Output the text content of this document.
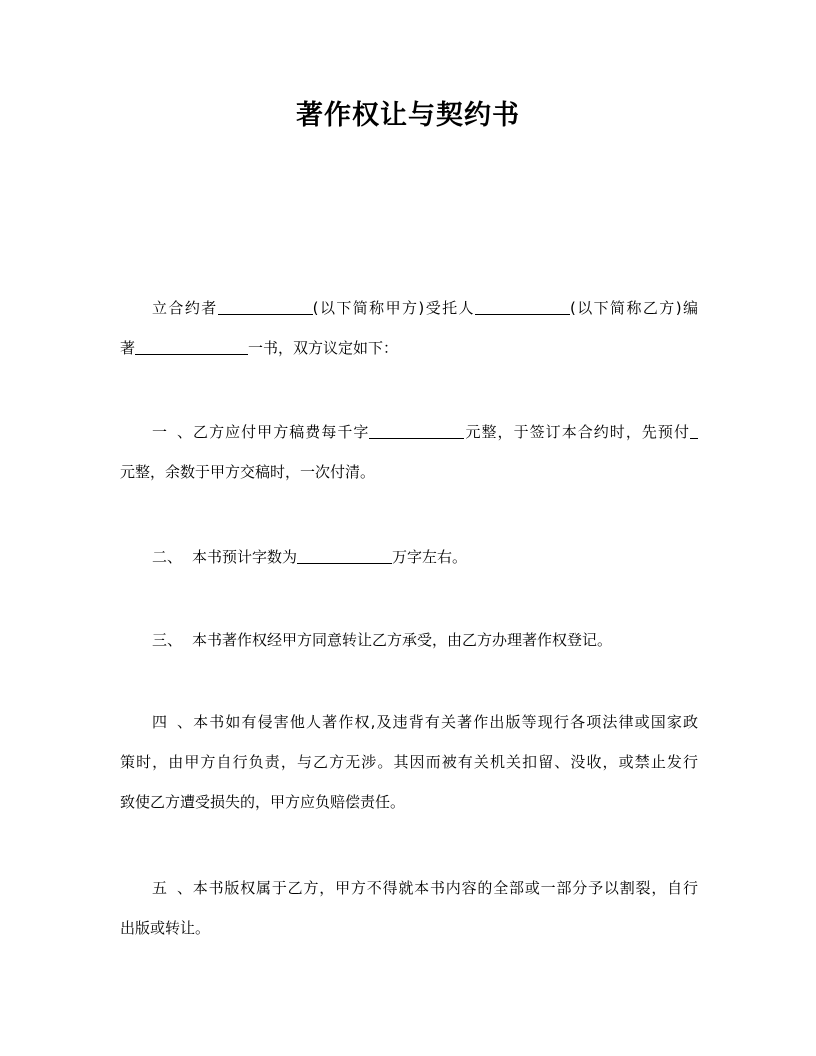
著作权让与契约书
立合约者	(以下简称甲方)受托人	(以下简称乙方)编
著	一书，双方议定如下：
一、乙方应付甲方稿费每千字	元整，于签订本合约时，先预付
元整，余数于甲方交稿时，一次付清。
二、 本书预计字数为	万字左右。
三、 本书著作权经甲方同意转让乙方承受，由乙方办理著作权登记。
四、本书如有侵害他人著作权,及违背有关著作出版等现行各项法律或国家政
策时，由甲方自行负责，与乙方无涉。其因而被有关机关扣留、没收，或禁止发行
致使乙方遭受损失的，甲方应负赔偿责任。
五、本书版权属于乙方，甲方不得就本书内容的全部或一部分予以割裂，自行
出版或转让。
